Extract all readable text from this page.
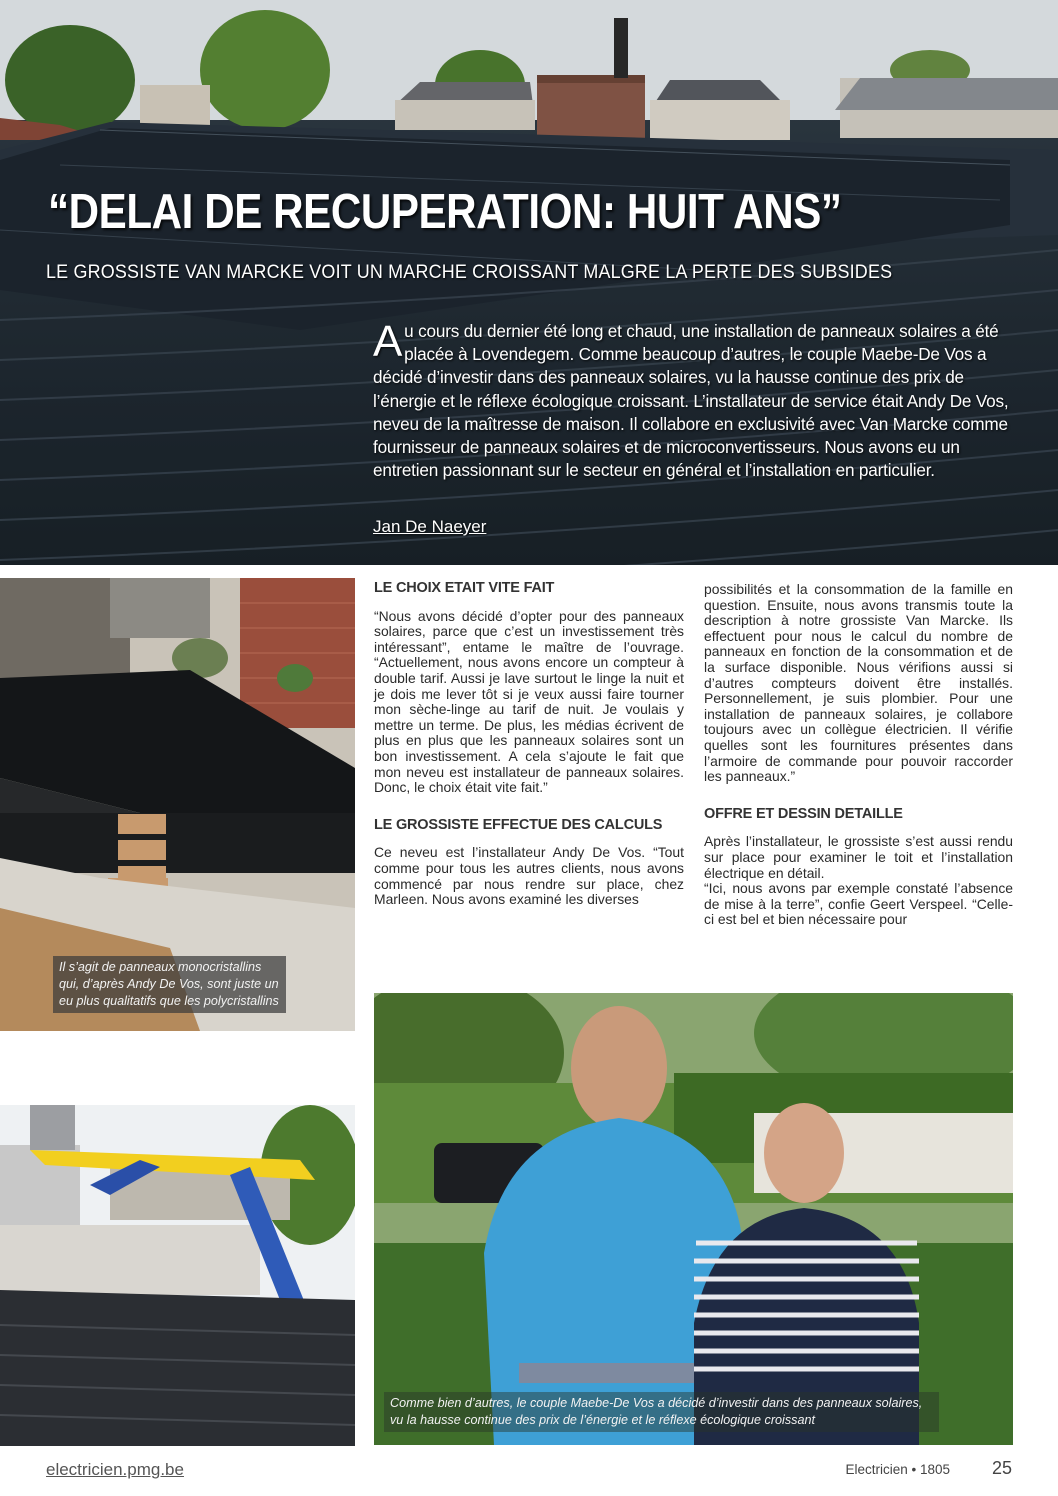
“DELAI DE RECUPERATION: HUIT ANS”
LE GROSSISTE VAN MARCKE VOIT UN MARCHE CROISSANT MALGRE LA PERTE DES SUBSIDES
Au cours du dernier été long et chaud, une installation de panneaux solaires a été placée à Lovendegem. Comme beaucoup d’autres, le couple Maebe-De Vos a décidé d’investir dans des panneaux solaires, vu la hausse continue des prix de l’énergie et le réflexe écologique croissant. L’installateur de service était Andy De Vos, neveu de la maîtresse de maison. Il collabore en exclusivité avec Van Marcke comme fournisseur de panneaux solaires et de microconvertisseurs. Nous avons eu un entretien passionnant sur le secteur en général et l’installation en particulier.
Jan De Naeyer
Il s’agit de panneaux monocristallins qui, d’après Andy De Vos, sont juste un eu plus qualitatifs que les polycristallins
Comme bien d’autres, le couple Maebe-De Vos a décidé d’investir dans des panneaux solaires, vu la hausse continue des prix de l’énergie et le réflexe écologique croissant
LE CHOIX ETAIT VITE FAIT

“Nous avons décidé d’opter pour des panneaux solaires, parce que c’est un investissement très intéressant”, entame le maître de l’ouvrage. “Actuellement, nous avons encore un compteur à double tarif. Aussi je lave surtout le linge la nuit et je dois me lever tôt si je veux aussi faire tourner mon sèche-linge au tarif de nuit. Je voulais y mettre un terme. De plus, les médias écrivent de plus en plus que les panneaux solaires sont un bon investissement. A cela s’ajoute le fait que mon neveu est installateur de panneaux solaires. Donc, le choix était vite fait.”

LE GROSSISTE EFFECTUE DES CALCULS

Ce neveu est l’installateur Andy De Vos. “Tout comme pour tous les autres clients, nous avons commencé par nous rendre sur place, chez Marleen. Nous avons examiné les diverses

possibilités et la consommation de la famille en question. Ensuite, nous avons transmis toute la description à notre grossiste Van Marcke. Ils effectuent pour nous le calcul du nombre de panneaux en fonction de la consommation et de la surface disponible. Nous vérifions aussi si d’autres compteurs doivent être installés. Personnellement, je suis plombier. Pour une installation de panneaux solaires, je collabore toujours avec un collègue électricien. Il vérifie quelles sont les fournitures présentes dans l’armoire de commande pour pouvoir raccorder les panneaux.”

OFFRE ET DESSIN DETAILLE

Après l’installateur, le grossiste s’est aussi rendu sur place pour examiner le toit et l’installation électrique en détail.

“Ici, nous avons par exemple constaté l’absence de mise à la terre”, confie Geert Verspeel. “Celle-ci est bel et bien nécessaire pour

electricien.pmg.be	Electricien • 1805 25
